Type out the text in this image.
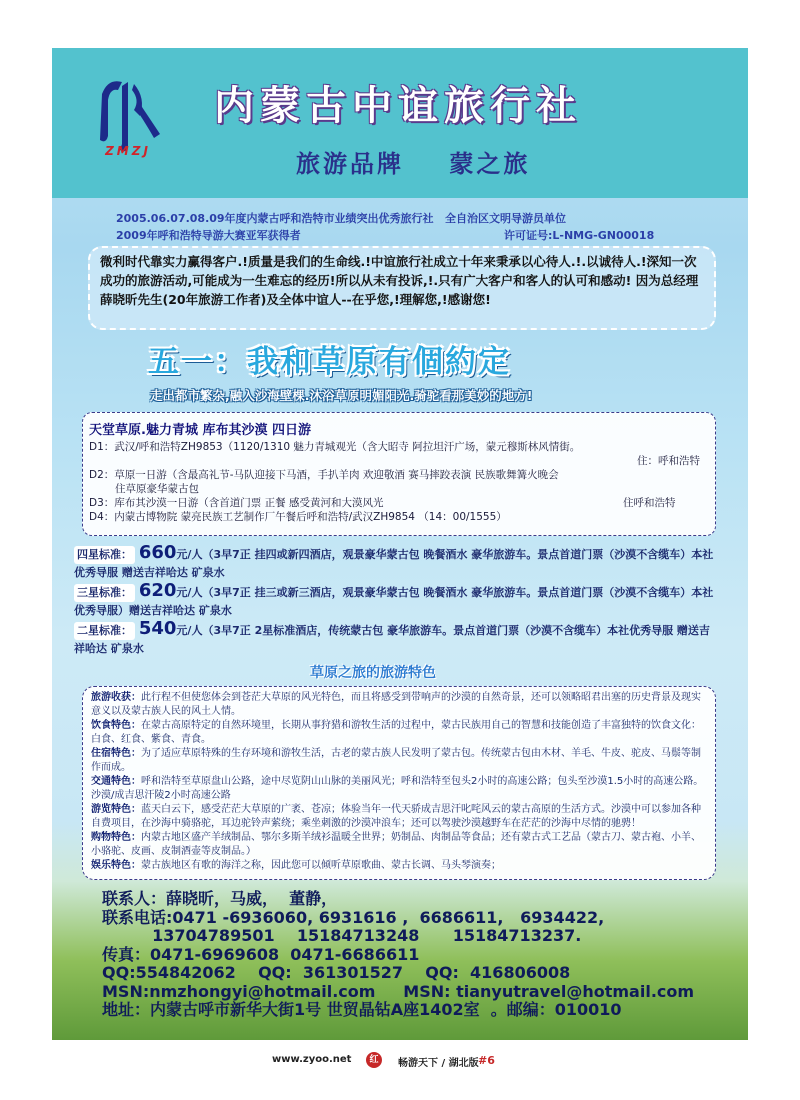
ZMZJ
内蒙古中谊旅行社
旅游品牌    蒙之旅
2005.06.07.08.09年度内蒙古呼和浩特市业绩突出优秀旅行社   全自治区文明导游员单位
2009年呼和浩特导游大赛亚军获得者	许可证号:L-NMG-GN00018
微利时代靠实力赢得客户.!质量是我们的生命线.!中谊旅行社成立十年来秉承以心待人.!.以诚待人.!深知一次成功的旅游活动,可能成为一生难忘的经历!所以从未有投诉,!.只有广大客户和客人的认可和感动! 因为总经理薛晓昕先生(20年旅游工作者)及全体中谊人--在乎您,!理解您,!感谢您!
五一：我和草原有個約定
走出都市繁杂,融入沙海壁棵.沐浴草原明媚阳光.骑驼看那美妙的地方!
天堂草原.魅力青城 库布其沙漠 四日游
D1：武汉/呼和浩特ZH9853（1120/1310 魅力青城观光（含大昭寺 阿拉坦汗广场，蒙元穆斯林风情街。
住：呼和浩特
D2：草原一日游（含最高礼节-马队迎接下马酒，手扒羊肉 欢迎敬酒 赛马摔跤表演 民族歌舞篝火晚会
住草原豪华蒙古包
D3：库布其沙漠一日游（含首道门票 正餐 感受黄河和大漠风光	住呼和浩特
D4：内蒙古博物院 蒙亮民族工艺制作厂午餐后呼和浩特/武汉ZH9854 （14：00/1555）
四星标准： 660元/人（3早7正 挂四或新四酒店，观景豪华蒙古包 晚餐酒水 豪华旅游车。景点首道门票（沙漠不含缆车）本社优秀导服 赠送吉祥哈达 矿泉水
三星标准： 620元/人（3早7正 挂三或新三酒店，观景豪华蒙古包 晚餐酒水 豪华旅游车。景点首道门票（沙漠不含缆车）本社优秀导服）赠送吉祥哈达 矿泉水
二星标准： 540元/人（3早7正 2星标准酒店，传统蒙古包 豪华旅游车。景点首道门票（沙漠不含缆车）本社优秀导服 赠送吉祥哈达 矿泉水
草原之旅的旅游特色

旅游收获：此行程不但使您体会到苍茫大草原的风光特色，而且将感受到带响声的沙漠的自然奇景，还可以领略昭君出塞的历史背景及现实意义以及蒙古族人民的风土人情。

饮食特色：在蒙古高原特定的自然环境里，长期从事狩猎和游牧生活的过程中，蒙古民族用自己的智慧和技能创造了丰富独特的饮食文化：白食、红食、紫食、青食。

住宿特色：为了适应草原特殊的生存环境和游牧生活，古老的蒙古族人民发明了蒙古包。传统蒙古包由木材、羊毛、牛皮、驼皮、马鬃等制作而成。

交通特色：呼和浩特至草原盘山公路，途中尽览阴山山脉的美丽风光；呼和浩特至包头2小时的高速公路；包头至沙漠1.5小时的高速公路。沙漠/成吉思汗陵2小时高速公路

游览特色：蓝天白云下，感受茫茫大草原的广袤、苍凉；体验当年一代天骄成吉思汗叱咤风云的蒙古高原的生活方式。沙漠中可以参加各种自费项目，在沙海中骑骆驼，耳边驼铃声萦绕；乘坐刺激的沙漠冲浪车；还可以驾驶沙漠越野车在茫茫的沙海中尽情的驰骋！

购物特色：内蒙古地区盛产羊绒制品、鄂尔多斯羊绒衫温暖全世界；奶制品、肉制品等食品；还有蒙古式工艺品（蒙古刀、蒙古袍、小羊、小骆驼、皮画、皮制酒壶等皮制品。）

娱乐特色：蒙古族地区有歌的海洋之称，因此您可以倾听草原歌曲、蒙古长调、马头琴演奏；

联系人：薛晓昕，马威，  董静，
联系电话:0471 -6936060, 6931616 ,  6686611,   6934422,
13704789501    15184713248      15184713237.
传真：0471-6969608  0471-6686611
QQ:554842062    QQ:  361301527    QQ:  416806008
MSN:nmzhongyi@hotmail.com     MSN: tianyutravel@hotmail.com
地址：内蒙古呼市新华大街1号 世贸晶钻A座1402室  。邮编：010010
www.zyoo.net	红	畅游天下 / 湖北版 #6
